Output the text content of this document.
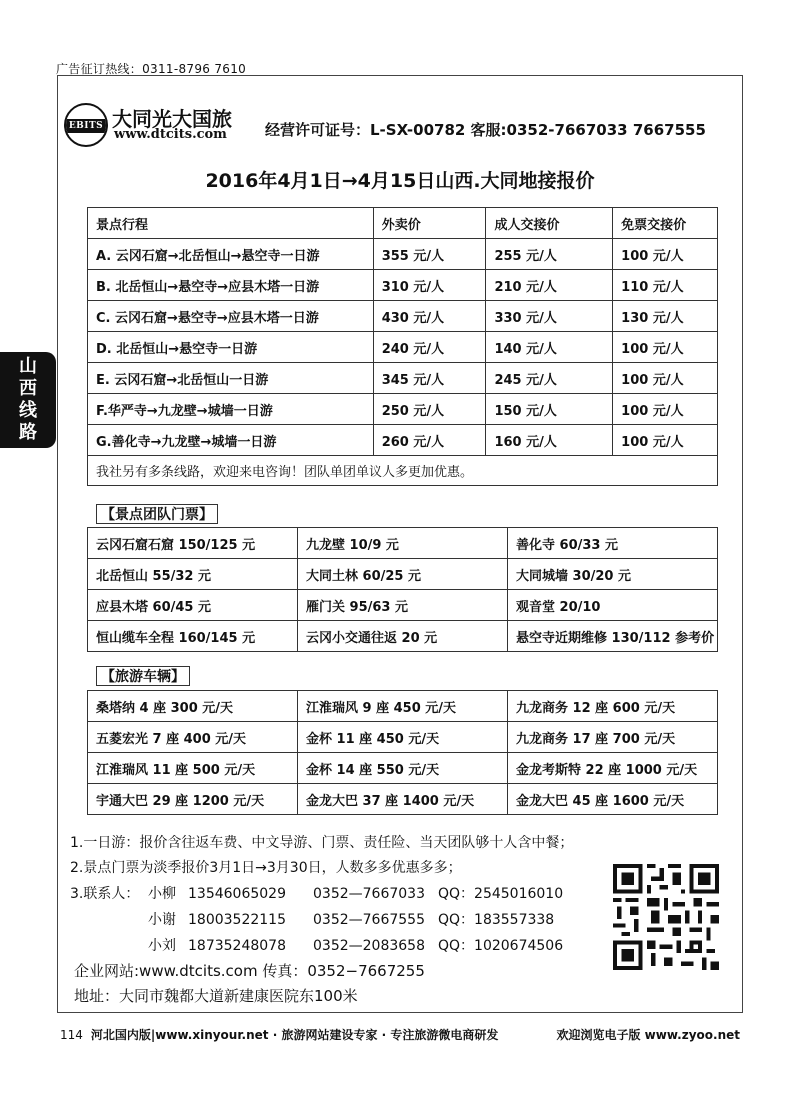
广告征订热线：0311-8796 7610
山
西
线
路
EBITS 大同光大国旅
www.dtcits.com	经营许可证号：L-SX-00782 客服:0352-7667033 7667555
2016年4月1日→4月15日山西.大同地接报价
景点行程	外卖价	成人交接价	免票交接价
A. 云冈石窟→北岳恒山→悬空寺一日游	355 元/人	255 元/人	100 元/人
B. 北岳恒山→悬空寺→应县木塔一日游	310 元/人	210 元/人	110 元/人
C. 云冈石窟→悬空寺→应县木塔一日游	430 元/人	330 元/人	130 元/人
D. 北岳恒山→悬空寺一日游	240 元/人	140 元/人	100 元/人
E. 云冈石窟→北岳恒山一日游	345 元/人	245 元/人	100 元/人
F.华严寺→九龙壁→城墙一日游	250 元/人	150 元/人	100 元/人
G.善化寺→九龙壁→城墙一日游	260 元/人	160 元/人	100 元/人
我社另有多条线路，欢迎来电咨询！团队单团单议人多更加优惠。			
【景点团队门票】
云冈石窟石窟 150/125 元	九龙壁 10/9 元	善化寺 60/33 元
北岳恒山 55/32 元	大同土林 60/25 元	大同城墙 30/20 元
应县木塔 60/45 元	雁门关 95/63 元	观音堂 20/10
恒山缆车全程 160/145 元	云冈小交通往返 20 元	悬空寺近期维修 130/112 参考价
【旅游车辆】
桑塔纳 4 座 300 元/天	江淮瑞风 9 座 450 元/天	九龙商务 12 座 600 元/天
五菱宏光 7 座 400 元/天	金杯 11 座 450 元/天	九龙商务 17 座 700 元/天
江淮瑞风 11 座 500 元/天	金杯 14 座 550 元/天	金龙考斯特 22 座 1000 元/天
宇通大巴 29 座 1200 元/天	金龙大巴 37 座 1400 元/天	金龙大巴 45 座 1600 元/天
1.一日游：报价含往返车费、中文导游、门票、责任险、当天团队够十人含中餐；
2.景点门票为淡季报价3月1日→3月30日，人数多多优惠多多；
3.联系人： 小柳 13546065029 0352—7667033 QQ：2545016010
小谢 18003522115 0352—7667555 QQ：183557338
小刘 18735248078 0352—2083658 QQ：1020674506
企业网站:www.dtcits.com 传真：0352−7667255
地址：大同市魏都大道新建康医院东100米
114 河北国内版|www.xinyour.net · 旅游网站建设专家 · 专注旅游微电商研发	欢迎浏览电子版 www.zyoo.net
